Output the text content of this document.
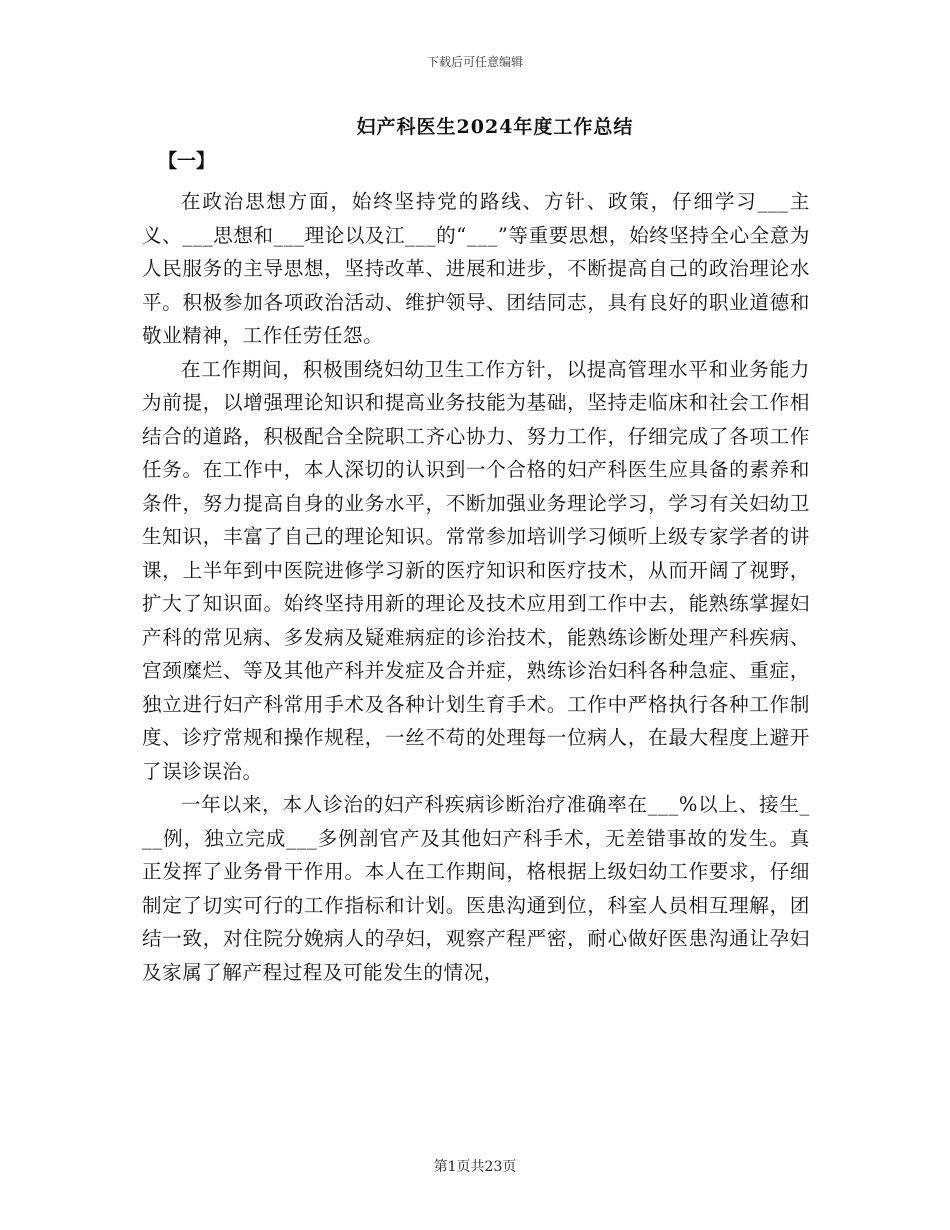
下载后可任意编辑
妇产科医生2024年度工作总结
【一】

在政治思想方面，始终坚持党的路线、方针、政策，仔细学习___主义、___思想和___理论以及江___的“___”等重要思想，始终坚持全心全意为人民服务的主导思想，坚持改革、进展和进步，不断提高自己的政治理论水平。积极参加各项政治活动、维护领导、团结同志，具有良好的职业道德和敬业精神，工作任劳任怨。

在工作期间，积极围绕妇幼卫生工作方针，以提高管理水平和业务能力为前提，以增强理论知识和提高业务技能为基础，坚持走临床和社会工作相结合的道路，积极配合全院职工齐心协力、努力工作，仔细完成了各项工作任务。在工作中，本人深切的认识到一个合格的妇产科医生应具备的素养和条件，努力提高自身的业务水平，不断加强业务理论学习，学习有关妇幼卫生知识，丰富了自己的理论知识。常常参加培训学习倾听上级专家学者的讲课，上半年到中医院进修学习新的医疗知识和医疗技术，从而开阔了视野，扩大了知识面。始终坚持用新的理论及技术应用到工作中去，能熟练掌握妇产科的常见病、多发病及疑难病症的诊治技术，能熟练诊断处理产科疾病、宫颈糜烂、等及其他产科并发症及合并症，熟练诊治妇科各种急症、重症，独立进行妇产科常用手术及各种计划生育手术。工作中严格执行各种工作制度、诊疗常规和操作规程，一丝不苟的处理每一位病人，在最大程度上避开了误诊误治。

一年以来，本人诊治的妇产科疾病诊断治疗准确率在___%以上、接生___例，独立完成___多例剖官产及其他妇产科手术，无差错事故的发生。真正发挥了业务骨干作用。本人在工作期间，格根据上级妇幼工作要求，仔细制定了切实可行的工作指标和计划。医患沟通到位，科室人员相互理解，团结一致，对住院分娩病人的孕妇，观察产程严密，耐心做好医患沟通让孕妇及家属了解产程过程及可能发生的情况，

第1页共23页
